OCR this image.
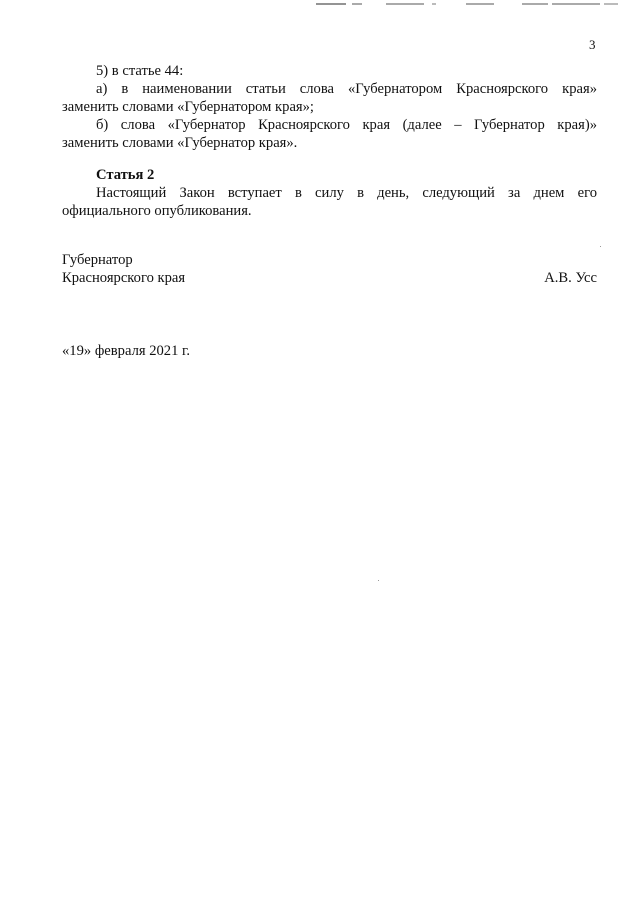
3

5) в статье 44:

а) в наименовании статьи слова «Губернатором Красноярского края»

заменить словами «Губернатором края»;

б) слова «Губернатор Красноярского края (далее – Губернатор края)»

заменить словами «Губернатор края».

Статья 2

Настоящий Закон вступает в силу в день, следующий за днем его

официального опубликования.

Губернатор
Красноярского края	А.В. Усс
«19» февраля 2021 г.
